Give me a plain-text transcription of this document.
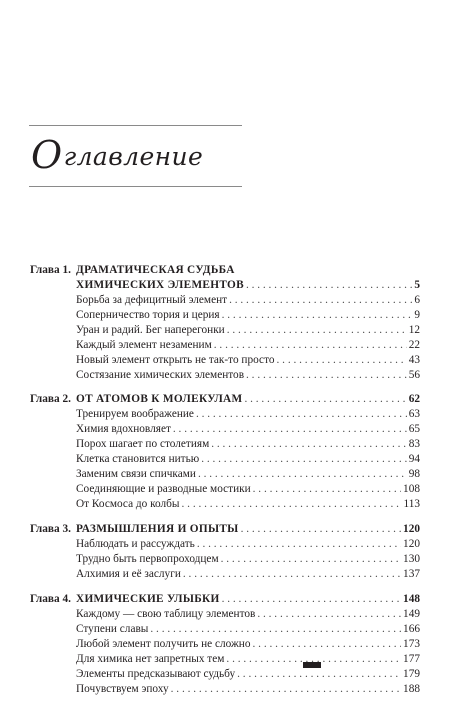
Оглавление
Глава 1. ДРАМАТИЧЕСКАЯ СУДЬБА
ХИМИЧЕСКИХ ЭЛЕМЕНТОВ . . .	5
Борьба за дефицитный элемент . . .	6
Соперничество тория и церия . . .	9
Уран и радий. Бег наперегонки . . .	12
Каждый элемент незаменим . . .	22
Новый элемент открыть не так-то просто . . .	43
Состязание химических элементов . . .	56
Глава 2. ОТ АТОМОВ К МОЛЕКУЛАМ . . .	62
Тренируем воображение . . .	63
Химия вдохновляет . . .	65
Порох шагает по столетиям . . .	83
Клетка становится нитью . . .	94
Заменим связи спичками . . .	98
Соединяющие и разводные мостики . . .	108
От Космоса до колбы . . .	113
Глава 3. РАЗМЫШЛЕНИЯ И ОПЫТЫ . . .	120
Наблюдать и рассуждать . . .	120
Трудно быть первопроходцем . . .	130
Алхимия и её заслуги . . .	137
Глава 4. ХИМИЧЕСКИЕ УЛЫБКИ . . .	148
Каждому — свою таблицу элементов . . .	149
Ступени славы . . .	166
Любой элемент получить не сложно . . .	173
Для химика нет запретных тем . . .	177
Элементы предсказывают судьбу . . .	179
Почувствуем эпоху . . .	188
